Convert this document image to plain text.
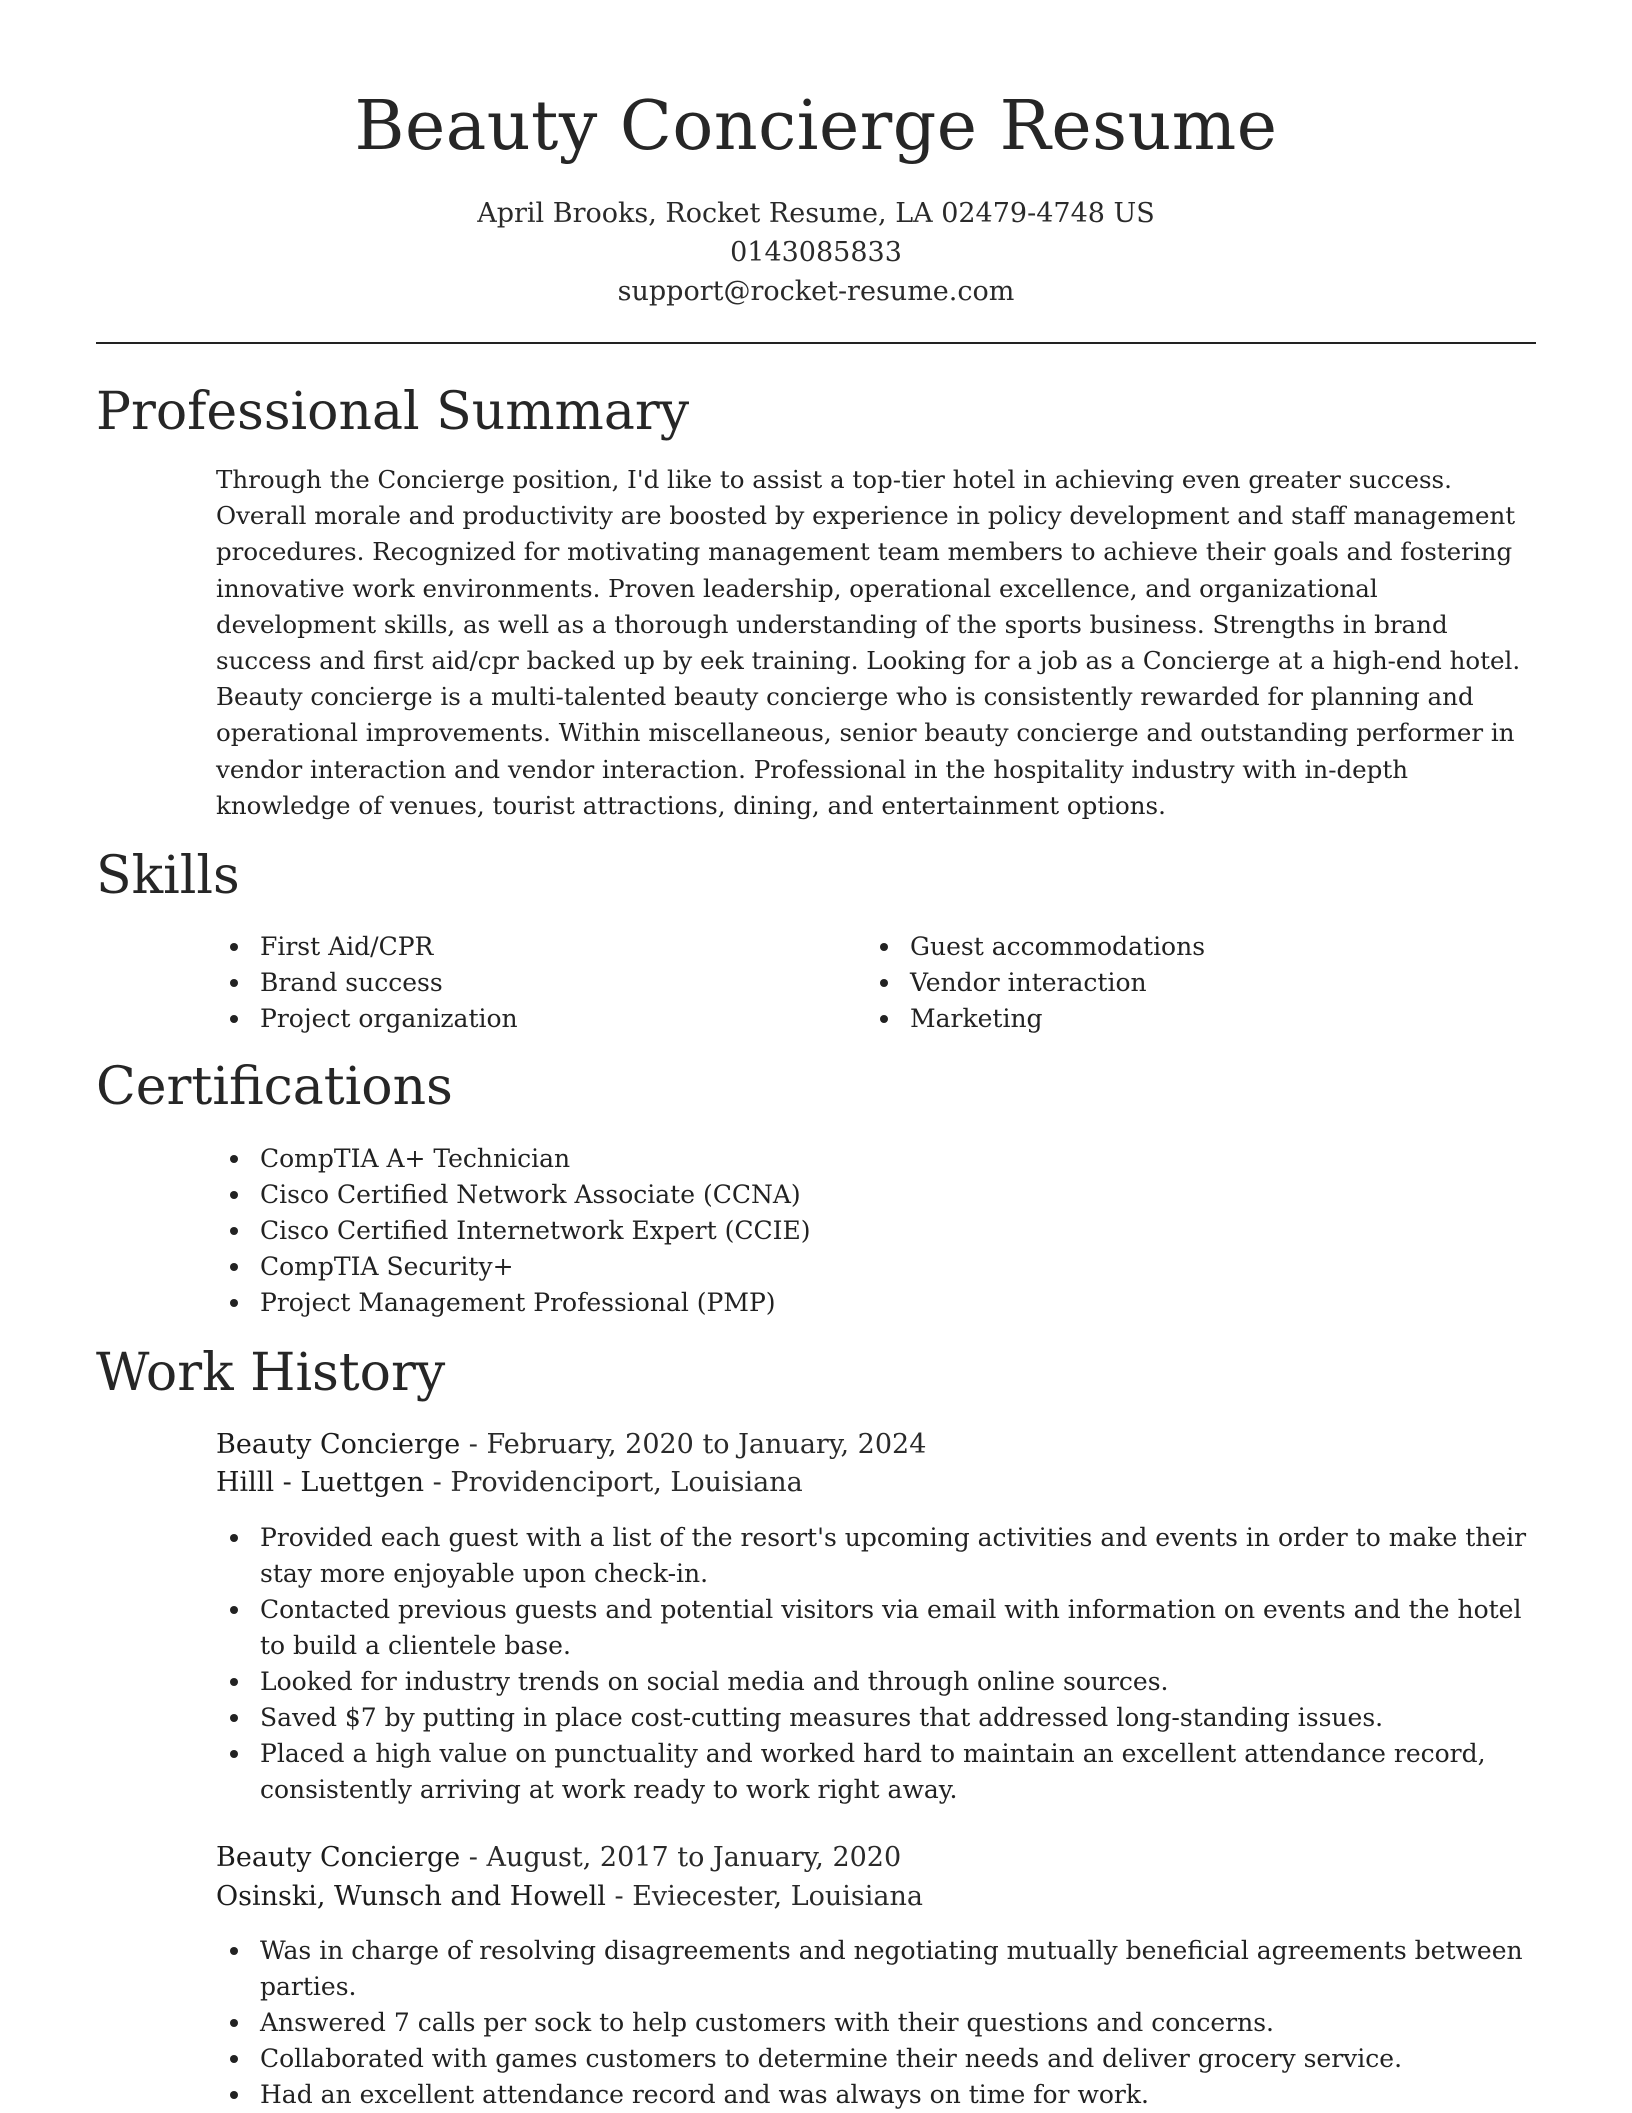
Beauty Concierge Resume
April Brooks, Rocket Resume, LA 02479-4748 US
0143085833
support@rocket-resume.com
Professional Summary

Through the Concierge position, I'd like to assist a top-tier hotel in achieving even greater success. Overall morale and productivity are boosted by experience in policy development and staff management procedures. Recognized for motivating management team members to achieve their goals and fostering innovative work environments. Proven leadership, operational excellence, and organizational development skills, as well as a thorough understanding of the sports business. Strengths in brand success and first aid/cpr backed up by eek training. Looking for a job as a Concierge at a high-end hotel. Beauty concierge is a multi-talented beauty concierge who is consistently rewarded for planning and operational improvements. Within miscellaneous, senior beauty concierge and outstanding performer in vendor interaction and vendor interaction. Professional in the hospitality industry with in-depth knowledge of venues, tourist attractions, dining, and entertainment options.

Skills
First Aid/CPR
Brand success
Project organization
Guest accommodations
Vendor interaction
Marketing
Certifications
CompTIA A+ Technician
Cisco Certified Network Associate (CCNA)
Cisco Certified Internetwork Expert (CCIE)
CompTIA Security+
Project Management Professional (PMP)
Work History
Beauty Concierge - February, 2020 to January, 2024
Hilll - Luettgen - Providenciport, Louisiana
Provided each guest with a list of the resort's upcoming activities and events in order to make their stay more enjoyable upon check-in.
Contacted previous guests and potential visitors via email with information on events and the hotel to build a clientele base.
Looked for industry trends on social media and through online sources.
Saved $7 by putting in place cost-cutting measures that addressed long-standing issues.
Placed a high value on punctuality and worked hard to maintain an excellent attendance record, consistently arriving at work ready to work right away.
Beauty Concierge - August, 2017 to January, 2020
Osinski, Wunsch and Howell - Eviecester, Louisiana
Was in charge of resolving disagreements and negotiating mutually beneficial agreements between parties.
Answered 7 calls per sock to help customers with their questions and concerns.
Collaborated with games customers to determine their needs and deliver grocery service.
Had an excellent attendance record and was always on time for work.
